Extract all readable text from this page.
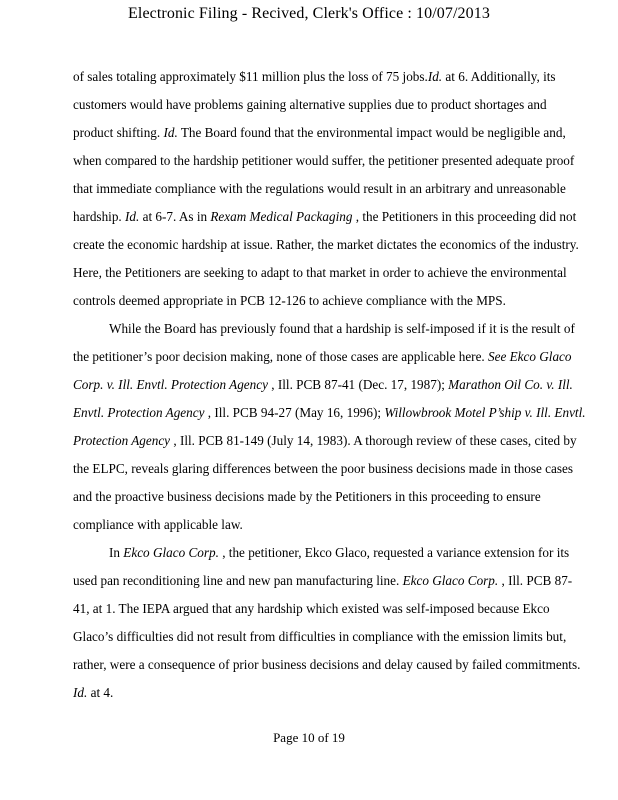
Electronic Filing - Recived, Clerk's Office : 10/07/2013
of sales totaling approximately $11 million plus the loss of 75 jobs.Id. at 6. Additionally, its
customers would have problems gaining alternative supplies due to product shortages and
product shifting. Id. The Board found that the environmental impact would be negligible and,
when compared to the hardship petitioner would suffer, the petitioner presented adequate proof
that immediate compliance with the regulations would result in an arbitrary and unreasonable
hardship. Id. at 6-7. As in Rexam Medical Packaging , the Petitioners in this proceeding did not
create the economic hardship at issue. Rather, the market dictates the economics of the industry.
Here, the Petitioners are seeking to adapt to that market in order to achieve the environmental
controls deemed appropriate in PCB 12-126 to achieve compliance with the MPS.
While the Board has previously found that a hardship is self-imposed if it is the result of
the petitioner’s poor decision making, none of those cases are applicable here. See Ekco Glaco
Corp. v. Ill. Envtl. Protection Agency , Ill. PCB 87-41 (Dec. 17, 1987); Marathon Oil Co. v. Ill.
Envtl. Protection Agency , Ill. PCB 94-27 (May 16, 1996); Willowbrook Motel P’ship v. Ill. Envtl.
Protection Agency , Ill. PCB 81-149 (July 14, 1983). A thorough review of these cases, cited by
the ELPC, reveals glaring differences between the poor business decisions made in those cases
and the proactive business decisions made by the Petitioners in this proceeding to ensure
compliance with applicable law.
In Ekco Glaco Corp. , the petitioner, Ekco Glaco, requested a variance extension for its
used pan reconditioning line and new pan manufacturing line. Ekco Glaco Corp. , Ill. PCB 87-
41, at 1. The IEPA argued that any hardship which existed was self-imposed because Ekco
Glaco’s difficulties did not result from difficulties in compliance with the emission limits but,
rather, were a consequence of prior business decisions and delay caused by failed commitments.
Id. at 4.
Page 10 of 19
